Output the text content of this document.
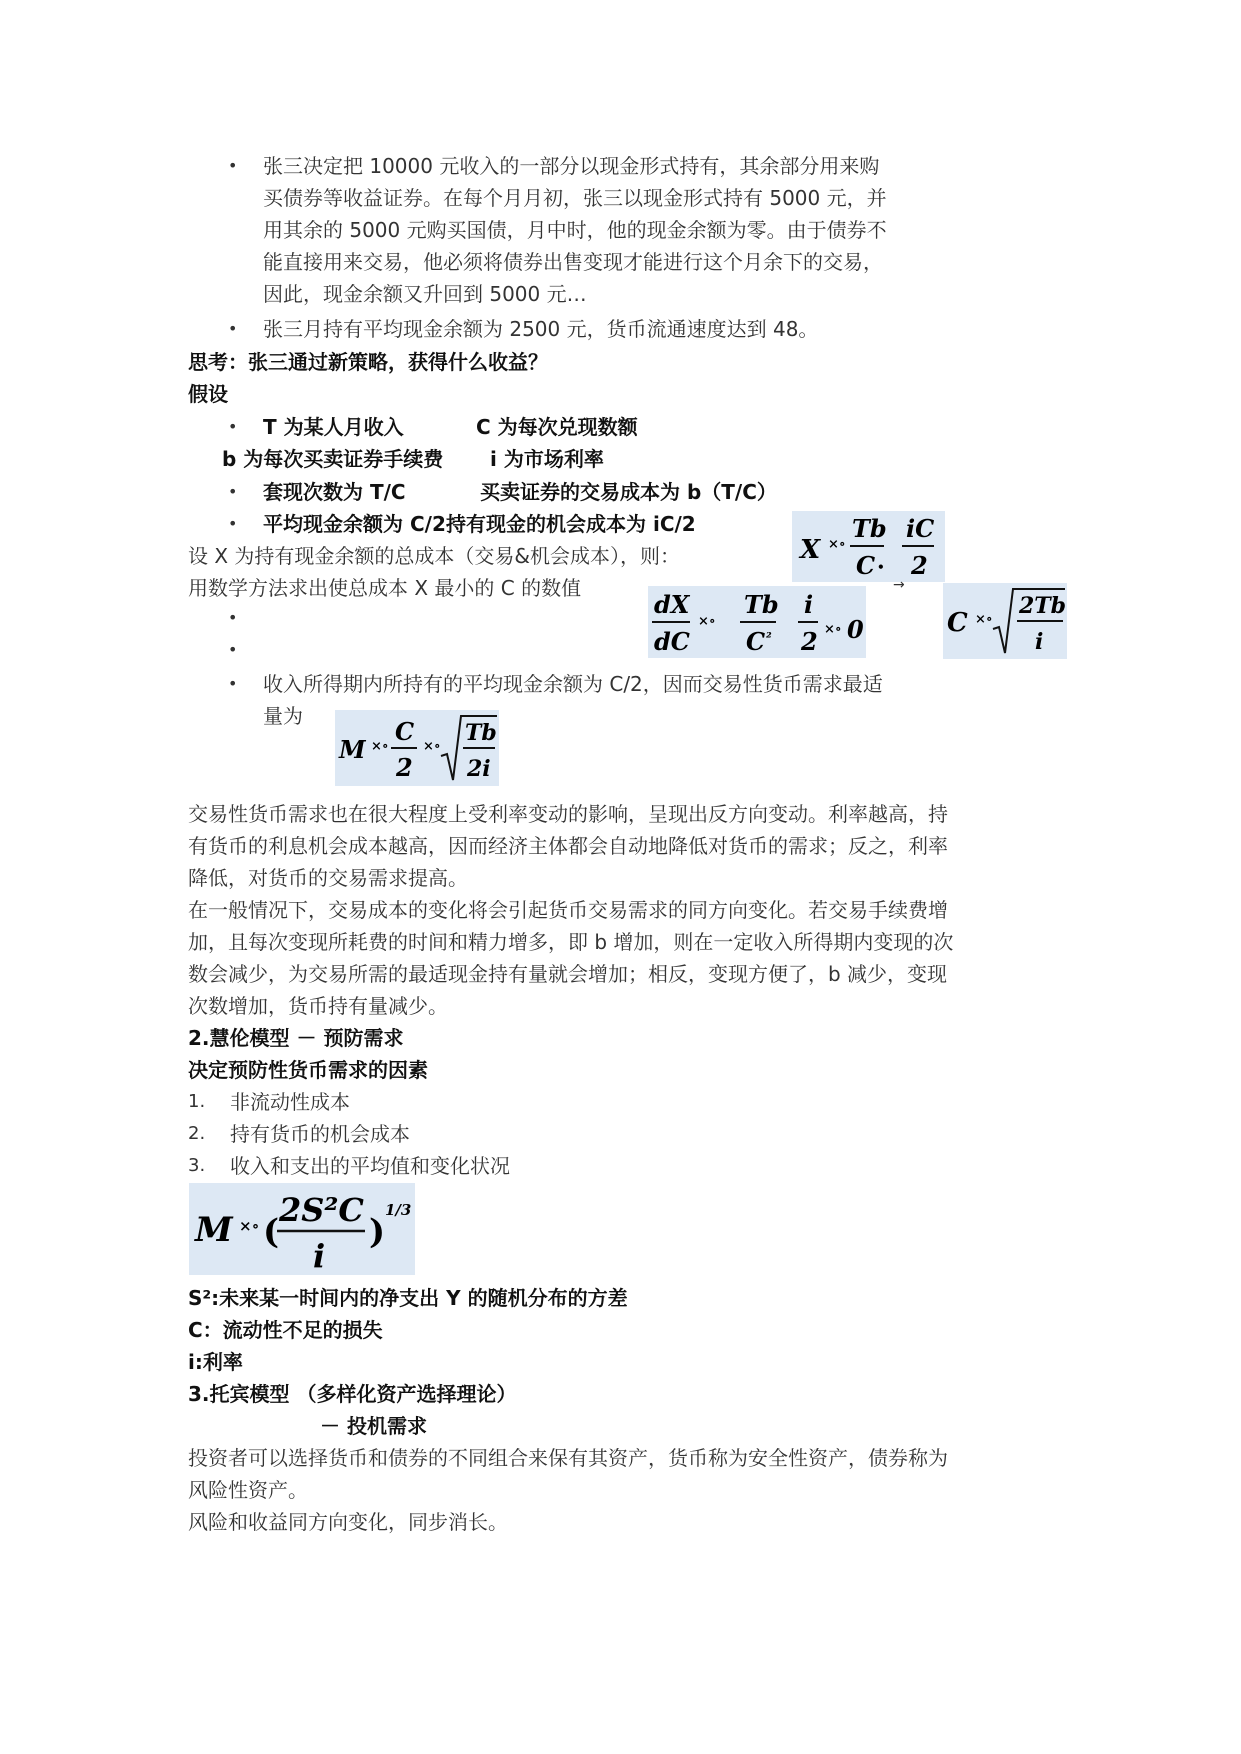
• 张三决定把 10000 元收入的一部分以现金形式持有，其余部分用来购
买债券等收益证券。在每个月月初，张三以现金形式持有 5000 元，并
用其余的 5000 元购买国债，月中时，他的现金余额为零。由于债券不
能直接用来交易，他必须将债券出售变现才能进行这个月余下的交易，
因此，现金余额又升回到 5000 元…
• 张三月持有平均现金余额为 2500 元，货币流通速度达到 48。
思考：张三通过新策略，获得什么收益？
假设
• T 为某人月收入	C 为每次兑现数额
b 为每次买卖证券手续费 i 为市场利率
• 套现次数为 T/C	买卖证券的交易成本为 b（T/C）
• 平均现金余额为 C/2 持有现金的机会成本为 iC/2
设 X 为持有现金余额的总成本（交易&机会成本），则：
用数学方法求出使总成本 X 最小的 C 的数值
X ×∘
Tb
C •
iC
2
→
•
•
dX
dC
×∘
Tb
C ²
i
2 ×∘ 0	C ×∘
2Tb
i
• 收入所得期内所持有的平均现金余额为 C/2，因而交易性货币需求最适
量为
M ×∘
C
2
×∘
Tb
2i
交易性货币需求也在很大程度上受利率变动的影响，呈现出反方向变动。利率越高，持
有货币的利息机会成本越高，因而经济主体都会自动地降低对货币的需求；反之，利率
降低，对货币的交易需求提高。
在一般情况下，交易成本的变化将会引起货币交易需求的同方向变化。若交易手续费增
加，且每次变现所耗费的时间和精力增多，即 b 增加，则在一定收入所得期内变现的次
数会减少，为交易所需的最适现金持有量就会增加；相反，变现方便了，b 减少，变现
次数增加，货币持有量减少。
2.慧伦模型 － 预防需求
决定预防性货币需求的因素
1. 非流动性成本
2. 持有货币的机会成本
3. 收入和支出的平均值和变化状况
M ×∘ (
2S²C
i
)
1/3
S²:未来某一时间内的净支出 Y 的随机分布的方差
C：流动性不足的损失
i:利率
3.托宾模型 （多样化资产选择理论）
－ 投机需求
投资者可以选择货币和债券的不同组合来保有其资产，货币称为安全性资产，债券称为
风险性资产。
风险和收益同方向变化，同步消长。
